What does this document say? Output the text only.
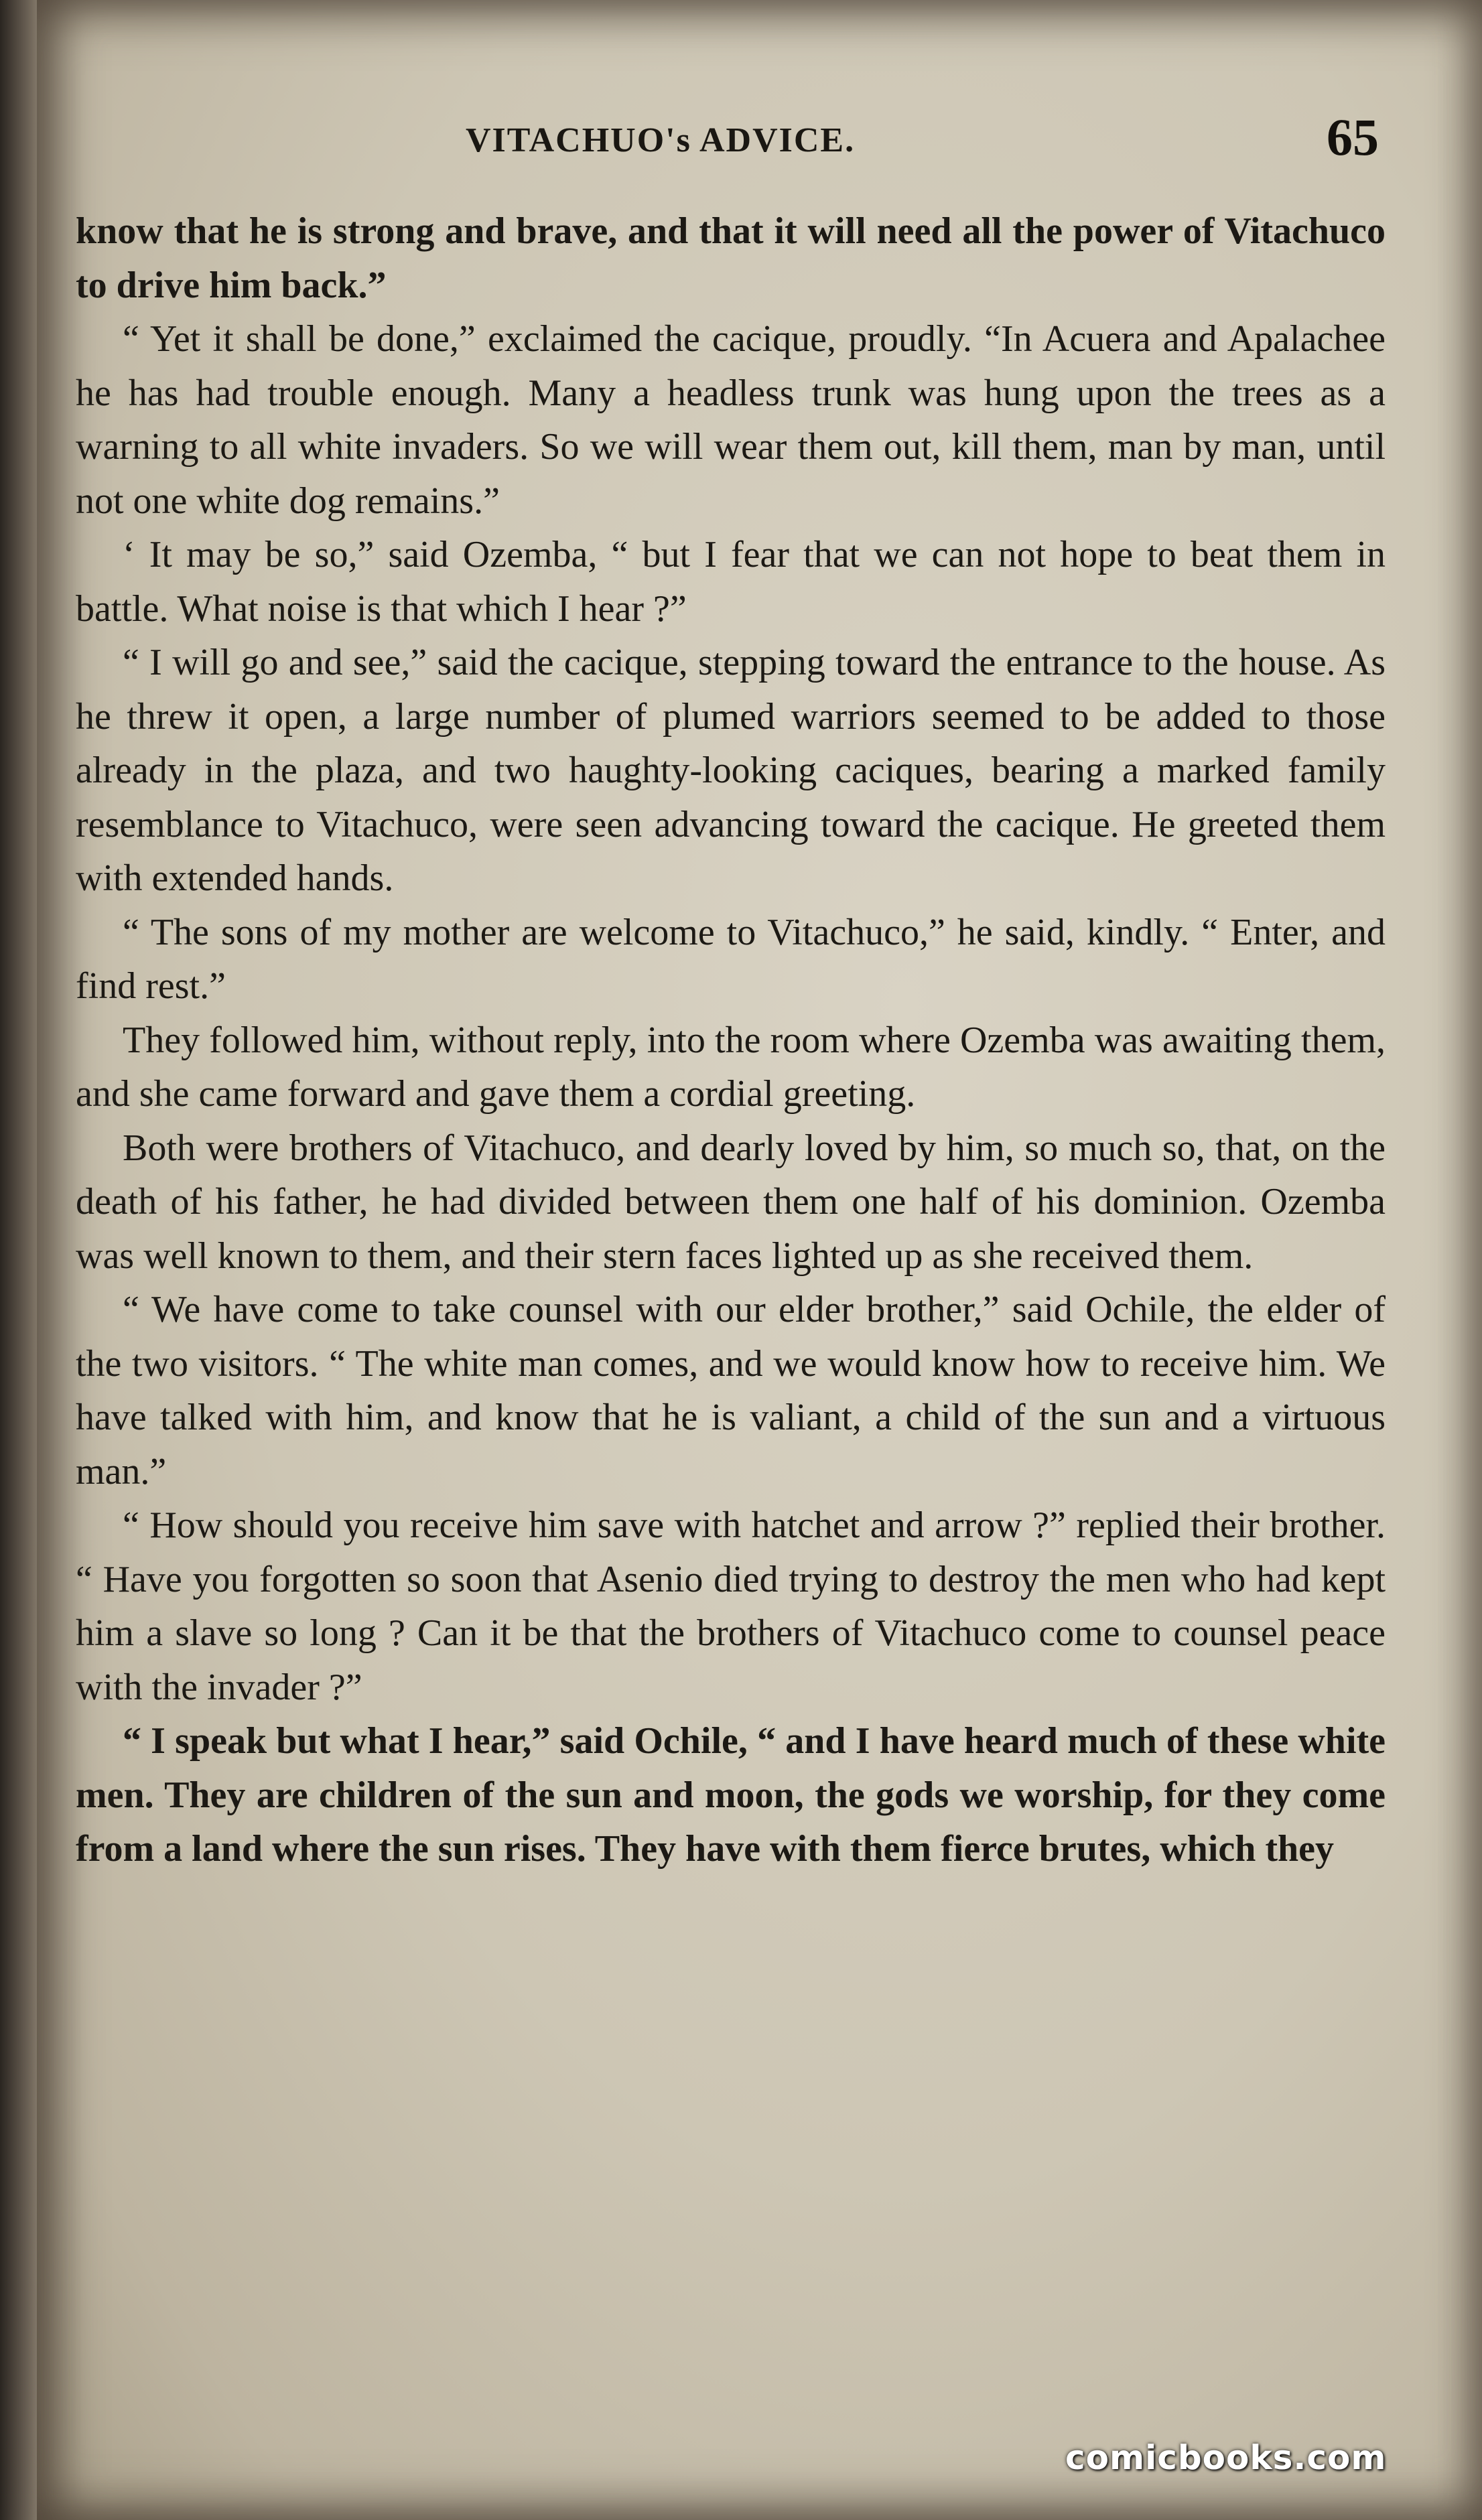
VITACHUO's ADVICE.	65

know that he is strong and brave, and that it will need all the power of Vitachuco to drive him back.”

“ Yet it shall be done,” exclaimed the cacique, proudly. “In Acuera and Apalachee he has had trouble enough. Many a headless trunk was hung upon the trees as a warning to all white invaders. So we will wear them out, kill them, man by man, until not one white dog remains.”

‘ It may be so,” said Ozemba, “ but I fear that we can not hope to beat them in battle. What noise is that which I hear ?”

“ I will go and see,” said the cacique, stepping toward the entrance to the house. As he threw it open, a large number of plumed warriors seemed to be added to those already in the plaza, and two haughty-looking caciques, bearing a marked family resemblance to Vitachuco, were seen advancing toward the cacique. He greeted them with extended hands.

“ The sons of my mother are welcome to Vitachuco,” he said, kindly. “ Enter, and find rest.”

They followed him, without reply, into the room where Ozemba was awaiting them, and she came forward and gave them a cordial greeting.

Both were brothers of Vitachuco, and dearly loved by him, so much so, that, on the death of his father, he had divided between them one half of his dominion. Ozemba was well known to them, and their stern faces lighted up as she received them.

“ We have come to take counsel with our elder brother,” said Ochile, the elder of the two visitors. “ The white man comes, and we would know how to receive him. We have talked with him, and know that he is valiant, a child of the sun and a virtuous man.”

“ How should you receive him save with hatchet and arrow ?” replied their brother. “ Have you forgotten so soon that Asenio died trying to destroy the men who had kept him a slave so long ? Can it be that the brothers of Vitachuco come to counsel peace with the invader ?”

“ I speak but what I hear,” said Ochile, “ and I have heard much of these white men. They are children of the sun and moon, the gods we worship, for they come from a land where the sun rises. They have with them fierce brutes, which they

comicbooks.com
